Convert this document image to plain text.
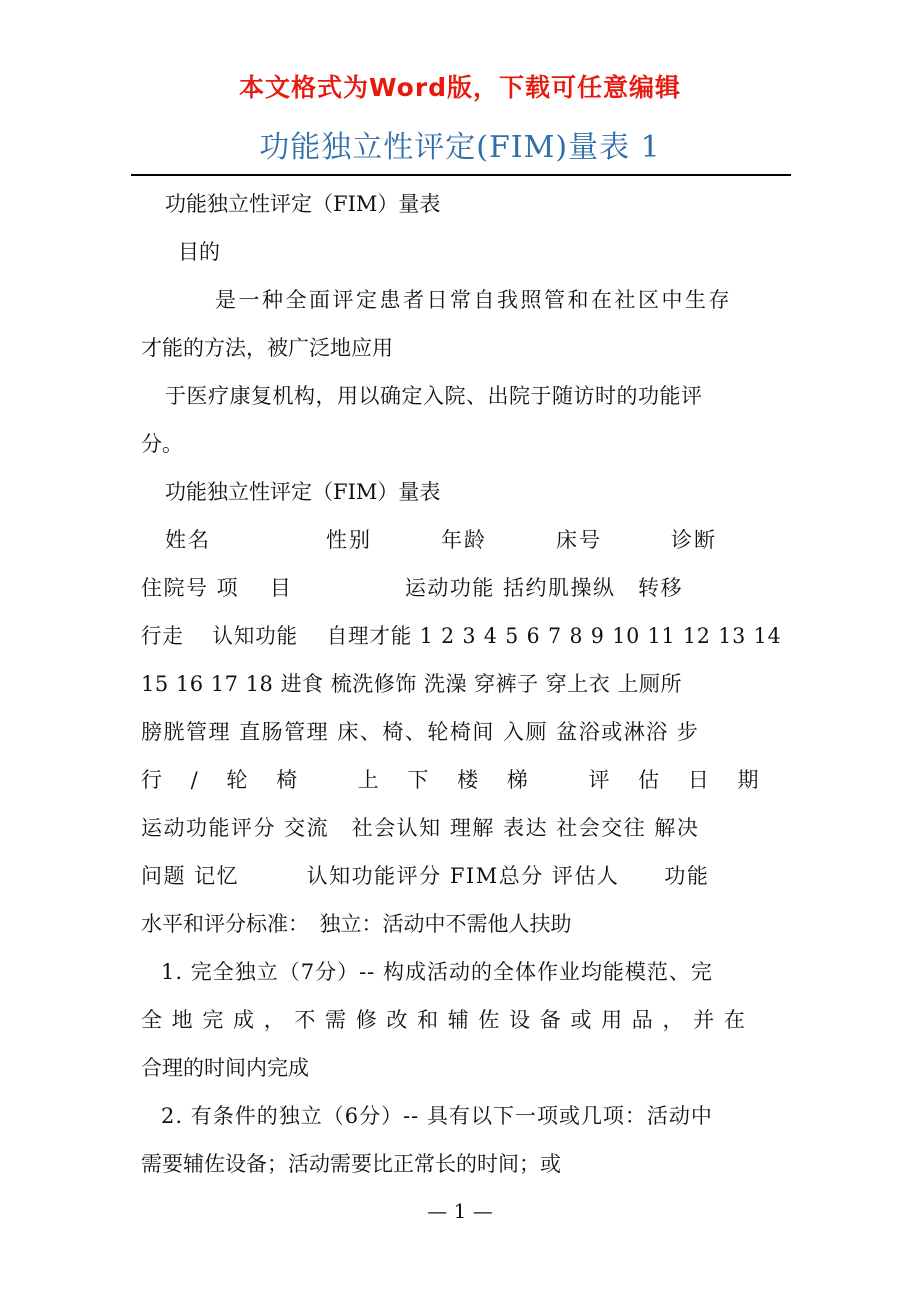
本文格式为Word版，下载可任意编辑
功能独立性评定(FIM)量表 1
功能独立性评定（FIM）量表
目的
是一种全面评定患者日常自我照管和在社区中生存
才能的方法，被广泛地应用
于医疗康复机构，用以确定入院、出院于随访时的功能评
分。
功能独立性评定（FIM）量表
姓名　　　　　性别　　　年龄　　　床号　　　诊断
住院号 项　 目　　　　　运动功能 括约肌操纵　转移
行走　 认知功能　 自理才能 1 2 3 4 5 6 7 8 9 10 11 12 13 14
15 16 17 18 进食 梳洗修饰 洗澡 穿裤子 穿上衣 上厕所
膀胱管理 直肠管理 床、椅、轮椅间 入厕 盆浴或淋浴 步
行 / 轮 椅 　上 下 楼 梯 　评 估 日 期
运动功能评分 交流　社会认知 理解 表达 社会交往 解决
问题 记忆　　　认知功能评分 FIM总分 评估人　　功能
水平和评分标准：　独立：活动中不需他人扶助
1. 完全独立（7分）-- 构成活动的全体作业均能模范、完
全 地 完 成 ， 不 需 修 改 和 辅 佐 设 备 或 用 品 ， 并 在
合理的时间内完成
2. 有条件的独立（6分）-- 具有以下一项或几项：活动中
需要辅佐设备；活动需要比正常长的时间；或
— 1 —
